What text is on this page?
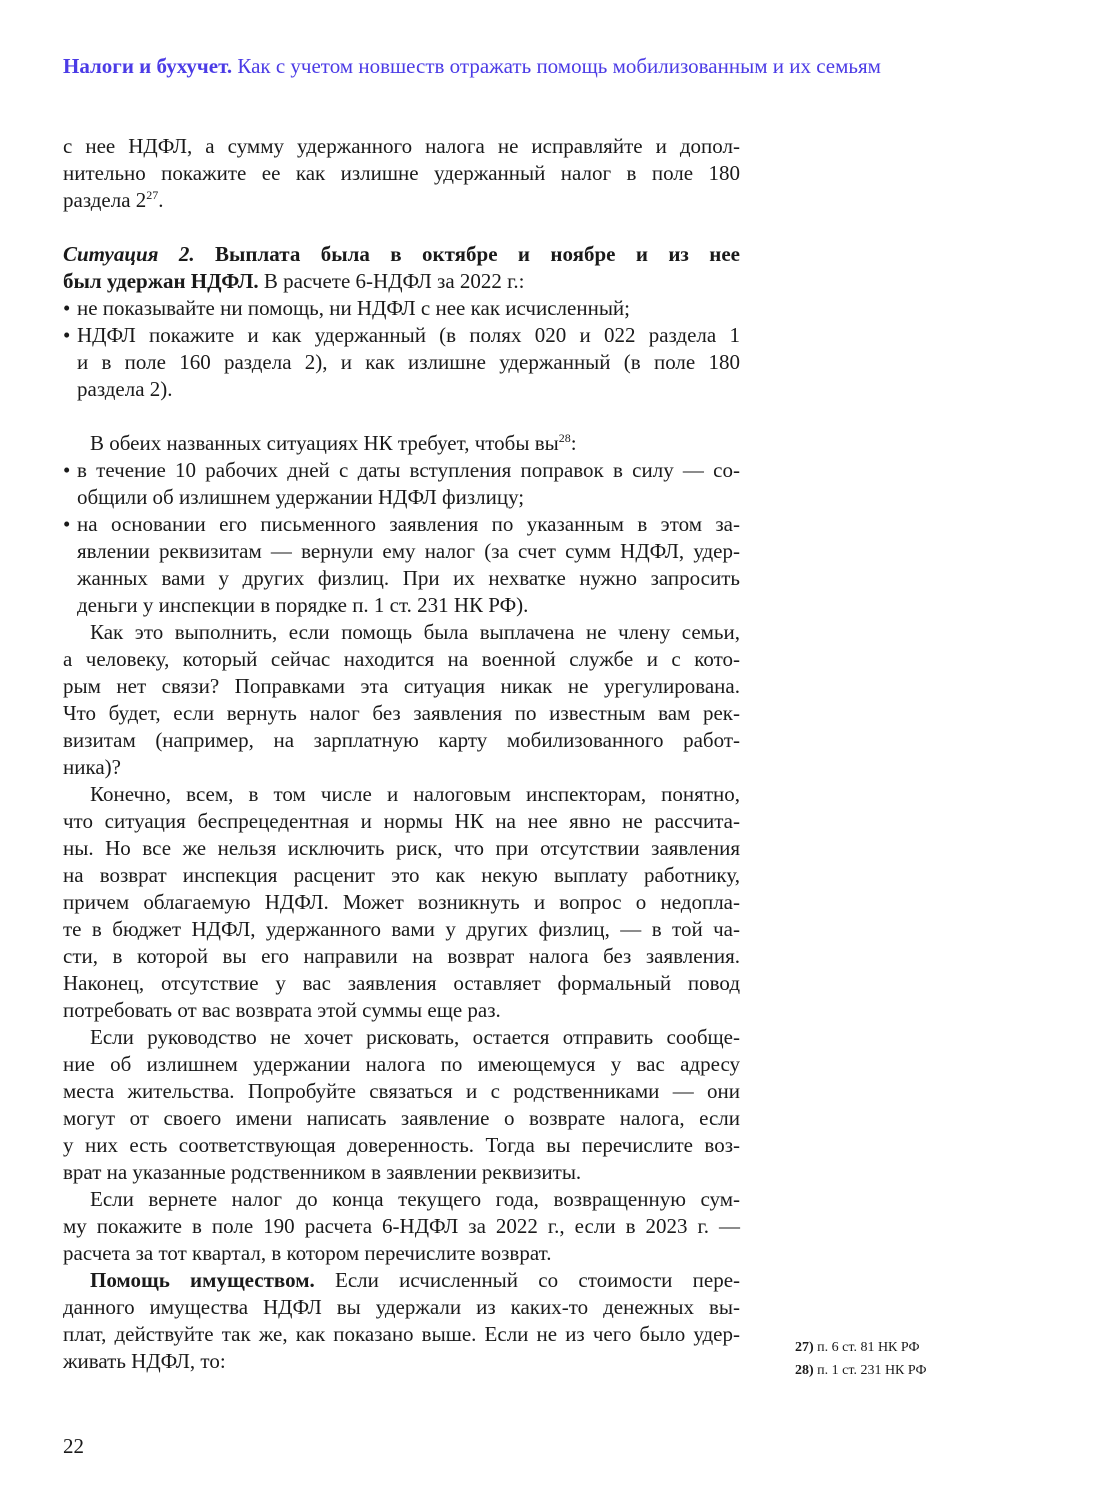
Налоги и бухучет. Как с учетом новшеств отражать помощь мобилизованным и их семьям
с нее НДФЛ, а сумму удержанного налога не исправляйте и допол-
нительно покажите ее как излишне удержанный налог в поле 180
раздела $2^{27}$.
Ситуация 2. Выплата была в октябре и ноябре и из нее
был удержан НДФЛ. В расчете 6-НДФЛ за 2022 г.:
• не показывайте ни помощь, ни НДФЛ с нее как исчисленный;
• НДФЛ покажите и как удержанный (в полях 020 и 022 раздела 1
и в поле 160 раздела 2), и как излишне удержанный (в поле 180
раздела 2).
В обеих названных ситуациях НК требует, чтобы $вы^{28}$:
• в течение 10 рабочих дней с даты вступления поправок в силу — со-
общили об излишнем удержании НДФЛ физлицу;
• на основании его письменного заявления по указанным в этом за-
явлении реквизитам — вернули ему налог (за счет сумм НДФЛ, удер-
жанных вами у других физлиц. При их нехватке нужно запросить
деньги у инспекции в порядке п. 1 ст. 231 НК РФ).
Как это выполнить, если помощь была выплачена не члену семьи,
а человеку, который сейчас находится на военной службе и с кото-
рым нет связи? Поправками эта ситуация никак не урегулирована.
Что будет, если вернуть налог без заявления по известным вам рек-
визитам (например, на зарплатную карту мобилизованного работ-
ника)?
Конечно, всем, в том числе и налоговым инспекторам, понятно,
что ситуация беспрецедентная и нормы НК на нее явно не рассчита-
ны. Но все же нельзя исключить риск, что при отсутствии заявления
на возврат инспекция расценит это как некую выплату работнику,
причем облагаемую НДФЛ. Может возникнуть и вопрос о недопла-
те в бюджет НДФЛ, удержанного вами у других физлиц, — в той ча-
сти, в которой вы его направили на возврат налога без заявления.
Наконец, отсутствие у вас заявления оставляет формальный повод
потребовать от вас возврата этой суммы еще раз.
Если руководство не хочет рисковать, остается отправить сообще-
ние об излишнем удержании налога по имеющемуся у вас адресу
места жительства. Попробуйте связаться и с родственниками — они
могут от своего имени написать заявление о возврате налога, если
у них есть соответствующая доверенность. Тогда вы перечислите воз-
врат на указанные родственником в заявлении реквизиты.
Если вернете налог до конца текущего года, возвращенную сум-
му покажите в поле 190 расчета 6-НДФЛ за 2022 г., если в 2023 г. —
расчета за тот квартал, в котором перечислите возврат.
Помощь имуществом. Если исчисленный со стоимости пере-
данного имущества НДФЛ вы удержали из каких-то денежных вы-
плат, действуйте так же, как показано выше. Если не из чего было удер-
живать НДФЛ, то:
27) п. 6 ст. 81 НК РФ
28) п. 1 ст. 231 НК РФ
22
